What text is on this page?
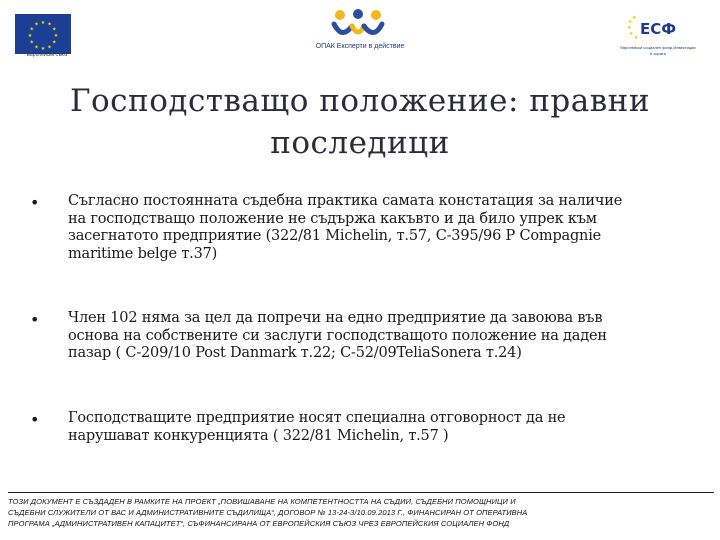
★ ★
★
★
★
★
★
★
★
★
★
★
Европейски съюз
ОПАК Експерти в действие
★
★
★
★
★ ЕСФ
Европейски социален фонд Инвестиции в хората
Господстващо положение: правни
последици
• Съгласно постоянната съдебна практика самата констатация за наличие
на господстващо положение не съдържа какъвто и да било упрек към
засегнатото предприятие (322/81 Michelin, т.57, C-395/96 P Compagnie
maritime belge т.37)
• Член 102 няма за цел да попречи на едно предприятие да завоюва във
основа на собствените си заслуги господстващото положение на даден
пазар ( C-209/10 Post Danmark т.22; C-52/09TeliaSonera т.24)
• Господстващите предприятие носят специална отговорност да не
нарушават конкуренцията ( 322/81 Michelin, т.57 )
ТОЗИ ДОКУМЕНТ Е СЪЗДАДЕН В РАМКИТЕ НА ПРОЕКТ „ПОВИШАВАНЕ НА КОМПЕТЕНТНОСТТА НА СЪДИИ, СЪДЕБНИ ПОМОЩНИЦИ И
СЪДЕБНИ СЛУЖИТЕЛИ ОТ ВАС И АДМИНИСТРАТИВНИТЕ СЪДИЛИЩА“, ДОГОВОР № 13-24-3/10.09.2013 Г., ФИНАНСИРАН ОТ ОПЕРАТИВНА
ПРОГРАМА „АДМИНИСТРАТИВЕН КАПАЦИТЕТ“, СЪФИНАНСИРАНА ОТ ЕВРОПЕЙСКИЯ СЪЮЗ ЧРЕЗ ЕВРОПЕЙСКИЯ СОЦИАЛЕН ФОНД
